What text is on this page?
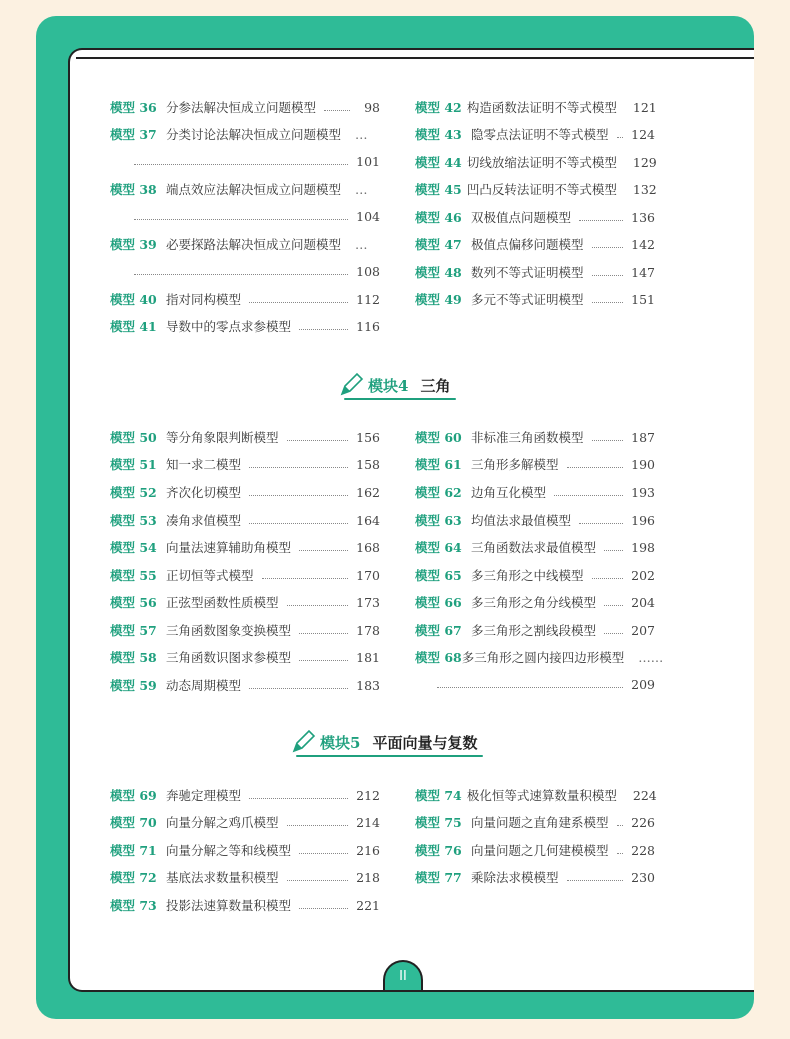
模型 36 分参法解决恒成立问题模型	98
模型 37 分类讨论法解决恒成立问题模型 …
101
模型 38 端点效应法解决恒成立问题模型 …
104
模型 39 必要探路法解决恒成立问题模型 …
108
模型 40 指对同构模型	112
模型 41 导数中的零点求参模型	116
模型 42 构造函数法证明不等式模型 121
模型 43 隐零点法证明不等式模型 124
模型 44 切线放缩法证明不等式模型 129
模型 45 凹凸反转法证明不等式模型 132
模型 46 双极值点问题模型	136
模型 47 极值点偏移问题模型	142
模型 48 数列不等式证明模型	147
模型 49 多元不等式证明模型	151
模型 50 等分角象限判断模型	156
模型 51 知一求二模型	158
模型 52 齐次化切模型	162
模型 53 凑角求值模型	164
模型 54 向量法速算辅助角模型	168
模型 55 正切恒等式模型	170
模型 56 正弦型函数性质模型	173
模型 57 三角函数图象变换模型	178
模型 58 三角函数识图求参模型	181
模型 59 动态周期模型	183
模型 60 非标准三角函数模型	187
模型 61 三角形多解模型	190
模型 62 边角互化模型	193
模型 63 均值法求最值模型	196
模型 64 三角函数法求最值模型	198
模型 65 多三角形之中线模型	202
模型 66 多三角形之角分线模型	204
模型 67 多三角形之割线段模型	207
模型 68 多三角形之圆内接四边形模型 ……
209
模型 69 奔驰定理模型	212
模型 70 向量分解之鸡爪模型	214
模型 71 向量分解之等和线模型	216
模型 72 基底法求数量积模型	218
模型 73 投影法速算数量积模型	221
模型 74 极化恒等式速算数量积模型 224
模型 75 向量问题之直角建系模型 226
模型 76 向量问题之几何建模模型 228
模型 77 乘除法求模模型	230
模块4 三角
模块5 平面向量与复数
II
